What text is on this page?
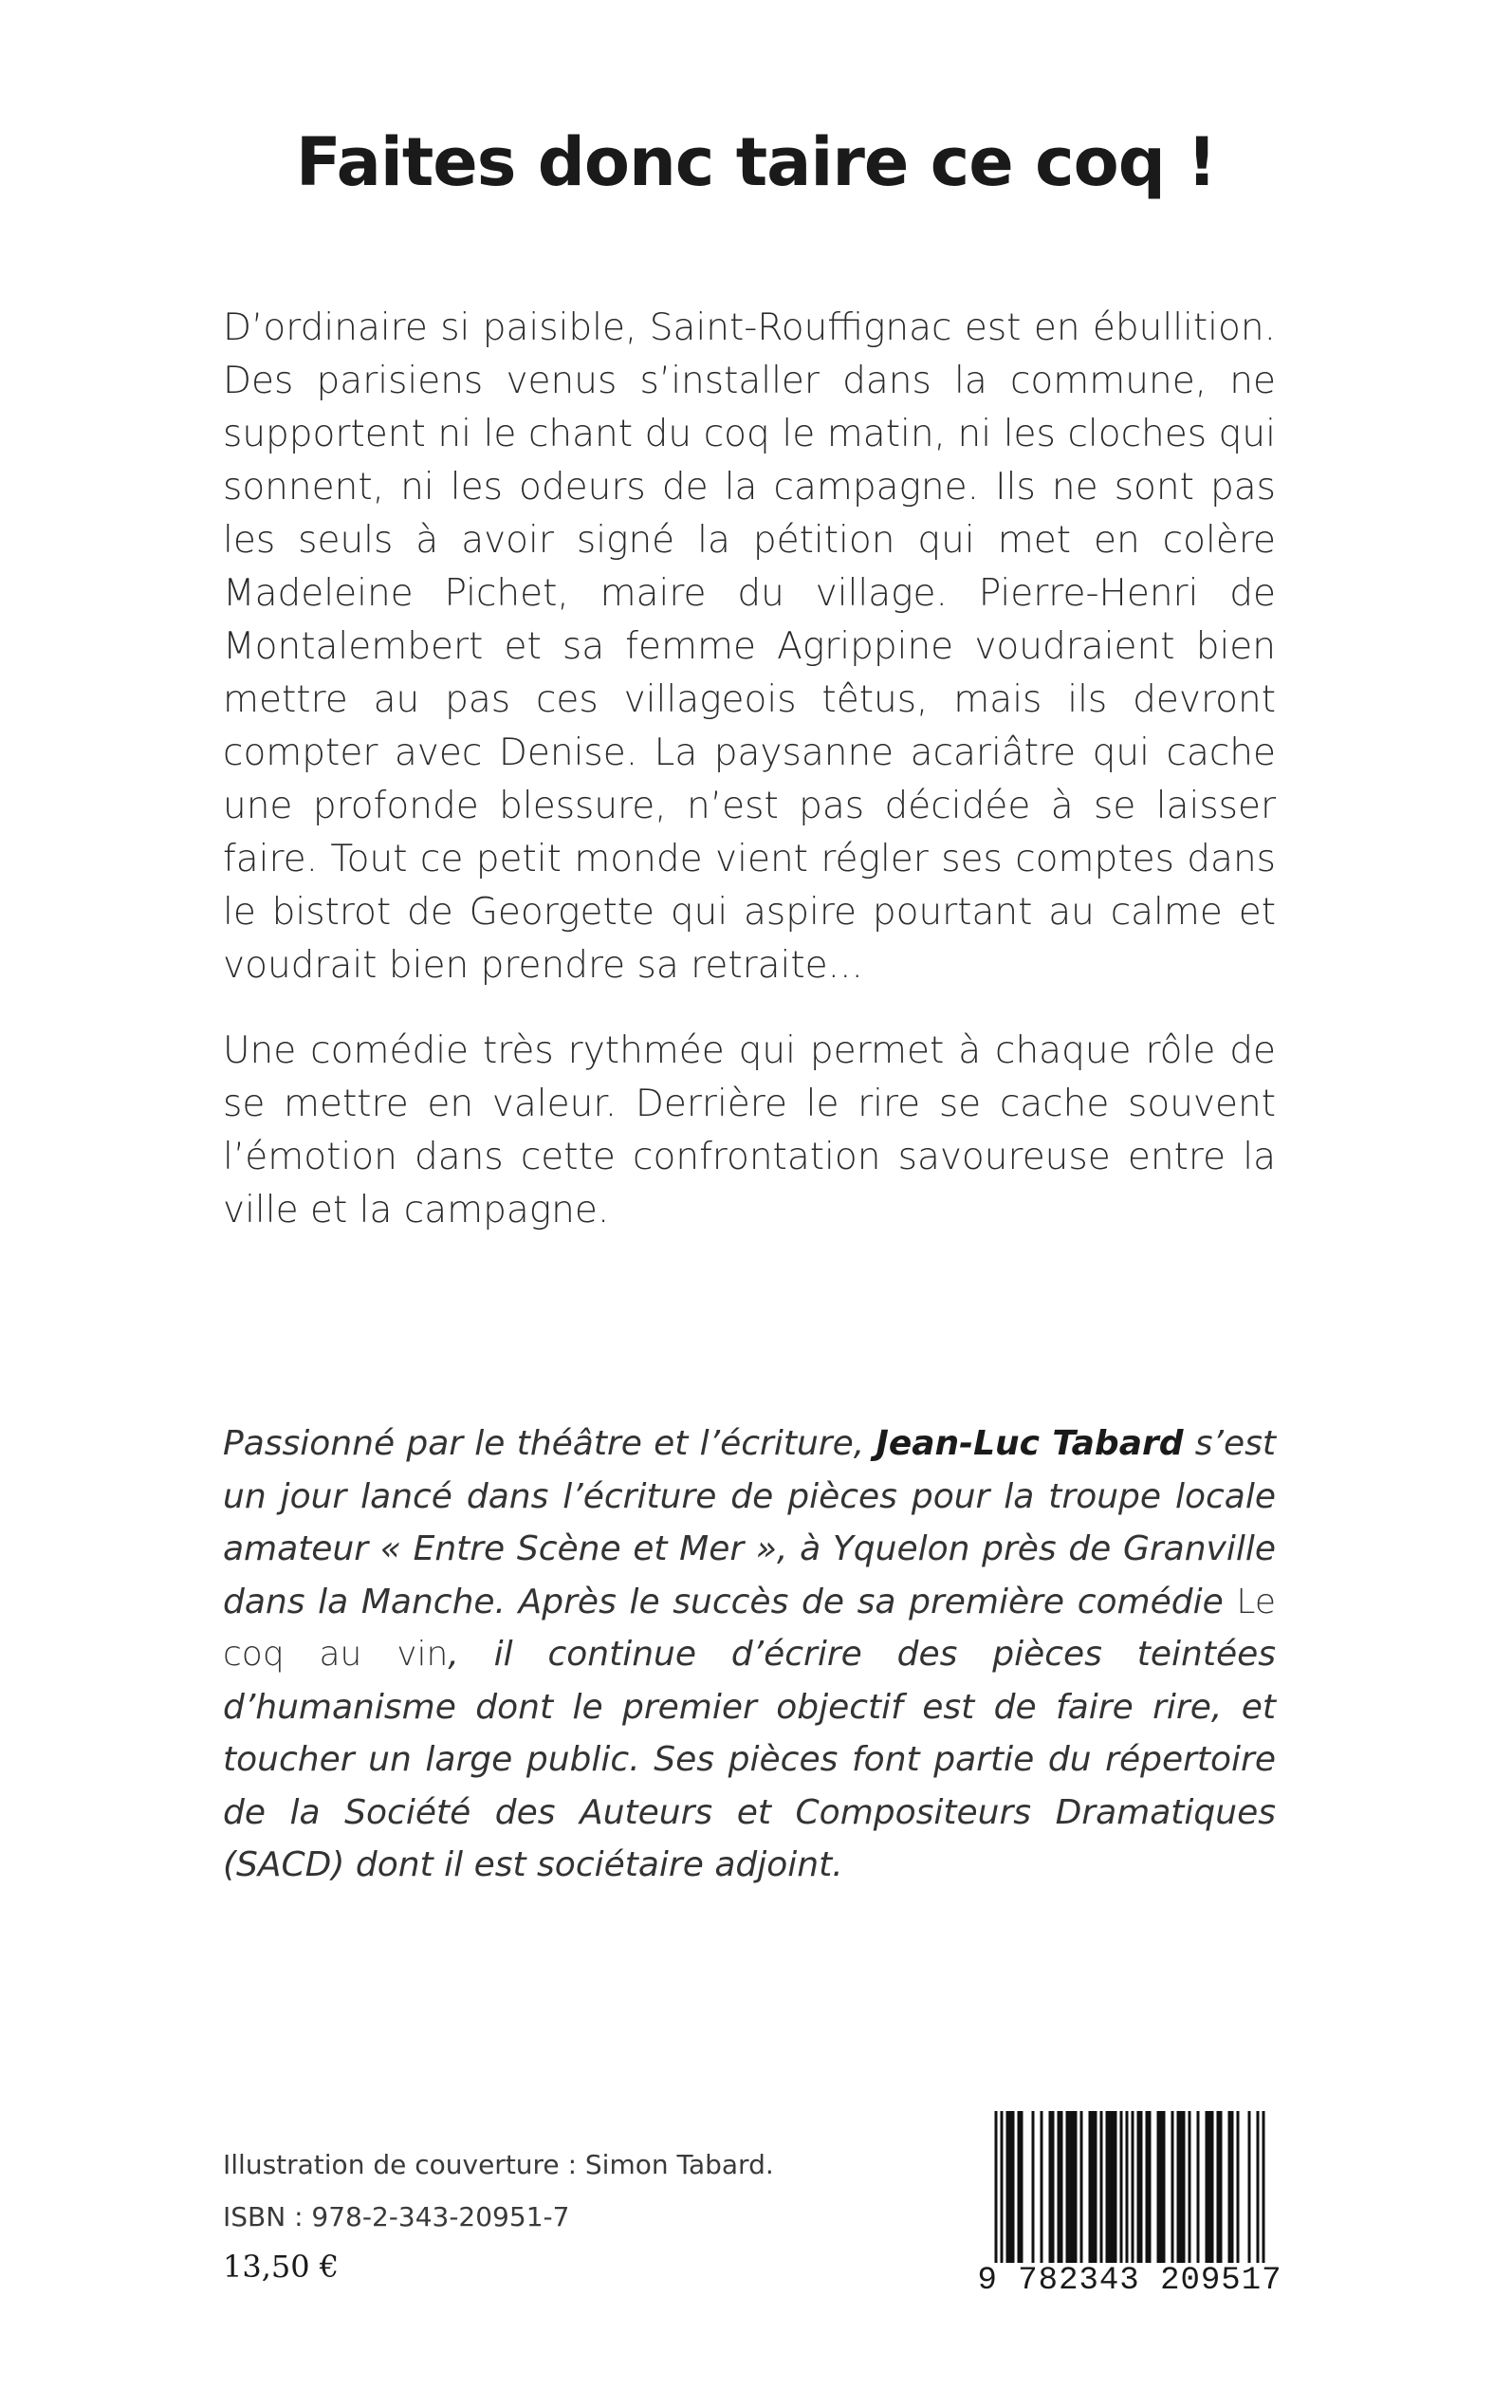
Faites donc taire ce coq !

D’ordinaire si paisible, Saint-Rouffignac est en ébullition. Des parisiens venus s’installer dans la commune, ne supportent ni le chant du coq le matin, ni les cloches qui sonnent, ni les odeurs de la campagne. Ils ne sont pas les seuls à avoir signé la pétition qui met en colère Madeleine Pichet, maire du village. Pierre-Henri de Montalembert et sa femme Agrippine voudraient bien mettre au pas ces villageois têtus, mais ils devront compter avec Denise. La paysanne acariâtre qui cache une profonde blessure, n’est pas décidée à se laisser faire. Tout ce petit monde vient régler ses comptes dans le bistrot de Georgette qui aspire pourtant au calme et voudrait bien prendre sa retraite...

Une comédie très rythmée qui permet à chaque rôle de se mettre en valeur. Derrière le rire se cache souvent l’émotion dans cette confrontation savoureuse entre la ville et la campagne.

Passionné par le théâtre et l’écriture, Jean-Luc Tabard s’est un jour lancé dans l’écriture de pièces pour la troupe locale amateur « Entre Scène et Mer », à Yquelon près de Granville dans la Manche. Après le succès de sa première comédie Le coq au vin, il continue d’écrire des pièces teintées d’humanisme dont le premier objectif est de faire rire, et toucher un large public. Ses pièces font partie du répertoire de la Société des Auteurs et Compositeurs Dramatiques (SACD) dont il est sociétaire adjoint.

Illustration de couverture : Simon Tabard.
ISBN : 978-2-343-20951-7
13,50 €	9 782343 209517
